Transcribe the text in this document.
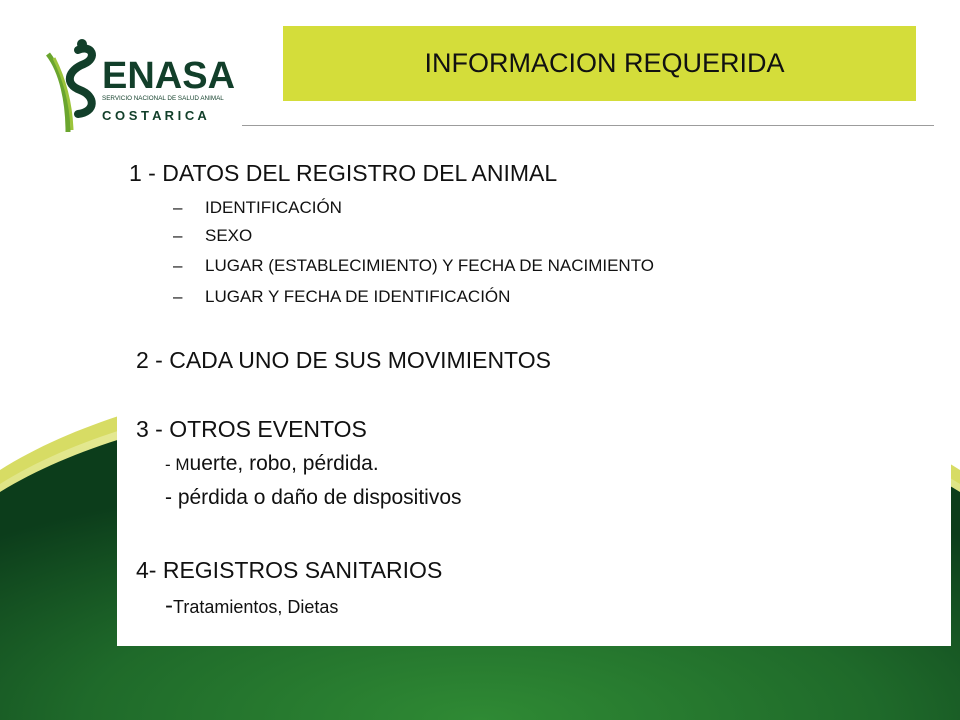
ENASA
SERVICIO NACIONAL DE SALUD ANIMAL
C O S T A R I C A
INFORMACION REQUERIDA
1 - DATOS DEL REGISTRO DEL ANIMAL
– IDENTIFICACIÓN
– SEXO
– LUGAR (ESTABLECIMIENTO) Y FECHA DE NACIMIENTO
– LUGAR Y FECHA DE IDENTIFICACIÓN
2 - CADA UNO DE SUS MOVIMIENTOS
3 - OTROS EVENTOS
- Muerte, robo, pérdida.
- pérdida o daño de dispositivos
4- REGISTROS SANITARIOS
-Tratamientos, Dietas
